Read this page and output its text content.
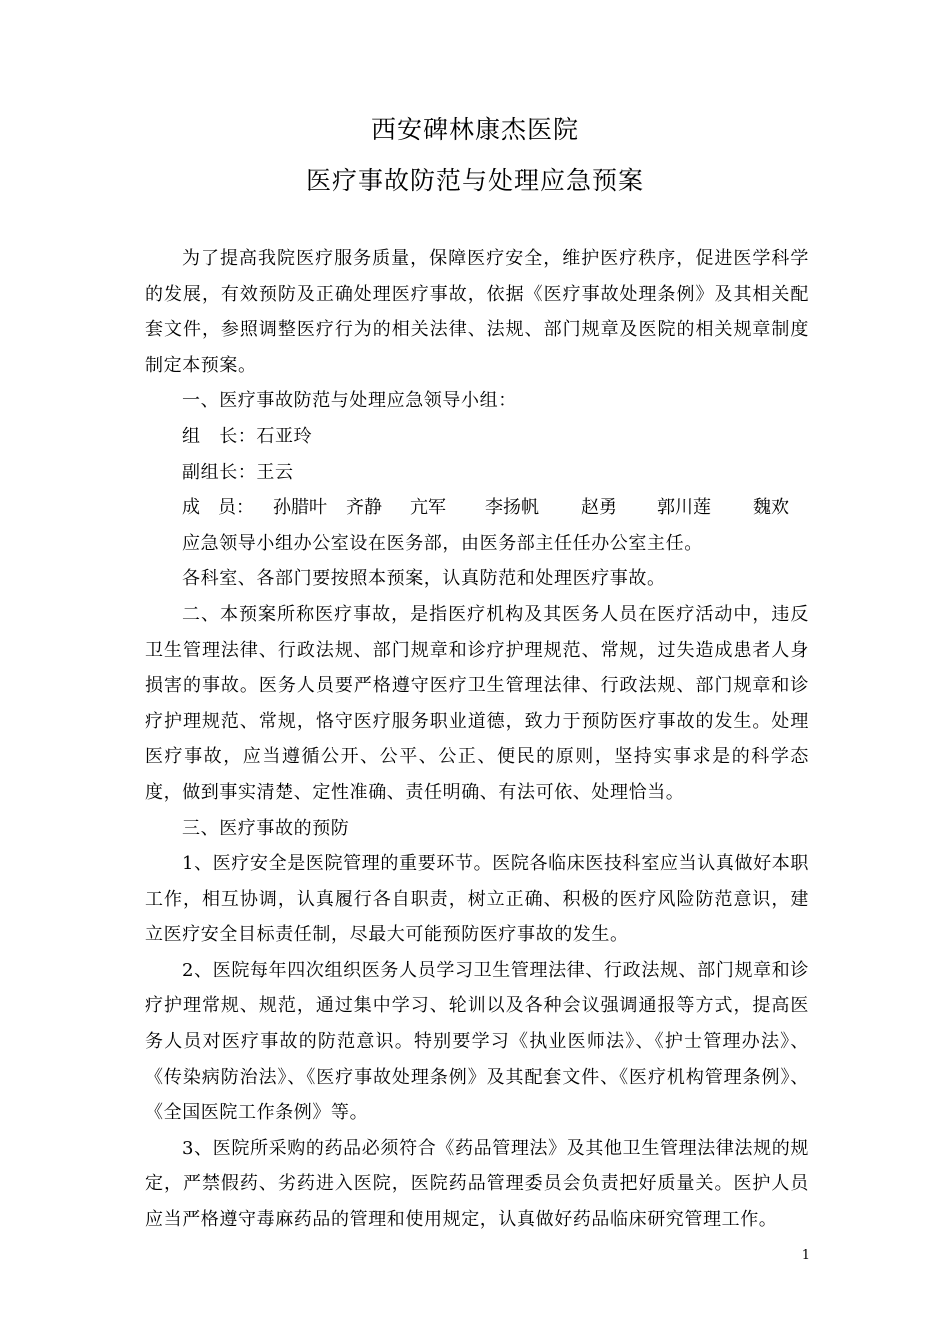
西安碑林康杰医院
医疗事故防范与处理应急预案

为了提高我院医疗服务质量，保障医疗安全，维护医疗秩序，促进医学科学的发展，有效预防及正确处理医疗事故，依据《医疗事故处理条例》及其相关配套文件，参照调整医疗行为的相关法律、法规、部门规章及医院的相关规章制度制定本预案。

一、医疗事故防范与处理应急领导小组：

组　长：石亚玲

副组长：王云

成　员： 孙腊叶 齐静 亢军 李扬帆 赵勇 郭川莲 魏欢

应急领导小组办公室设在医务部，由医务部主任任办公室主任。

各科室、各部门要按照本预案，认真防范和处理医疗事故。

二、本预案所称医疗事故，是指医疗机构及其医务人员在医疗活动中，违反卫生管理法律、行政法规、部门规章和诊疗护理规范、常规，过失造成患者人身损害的事故。医务人员要严格遵守医疗卫生管理法律、行政法规、部门规章和诊疗护理规范、常规，恪守医疗服务职业道德，致力于预防医疗事故的发生。处理医疗事故，应当遵循公开、公平、公正、便民的原则，坚持实事求是的科学态度，做到事实清楚、定性准确、责任明确、有法可依、处理恰当。

三、医疗事故的预防

1、医疗安全是医院管理的重要环节。医院各临床医技科室应当认真做好本职工作，相互协调，认真履行各自职责，树立正确、积极的医疗风险防范意识，建立医疗安全目标责任制，尽最大可能预防医疗事故的发生。

2、医院每年四次组织医务人员学习卫生管理法律、行政法规、部门规章和诊疗护理常规、规范，通过集中学习、轮训以及各种会议强调通报等方式，提高医务人员对医疗事故的防范意识。特别要学习《执业医师法》、《护士管理办法》、《传染病防治法》、《医疗事故处理条例》及其配套文件、《医疗机构管理条例》、《全国医院工作条例》等。

3、医院所采购的药品必须符合《药品管理法》及其他卫生管理法律法规的规定，严禁假药、劣药进入医院，医院药品管理委员会负责把好质量关。医护人员应当严格遵守毒麻药品的管理和使用规定，认真做好药品临床研究管理工作。

1
